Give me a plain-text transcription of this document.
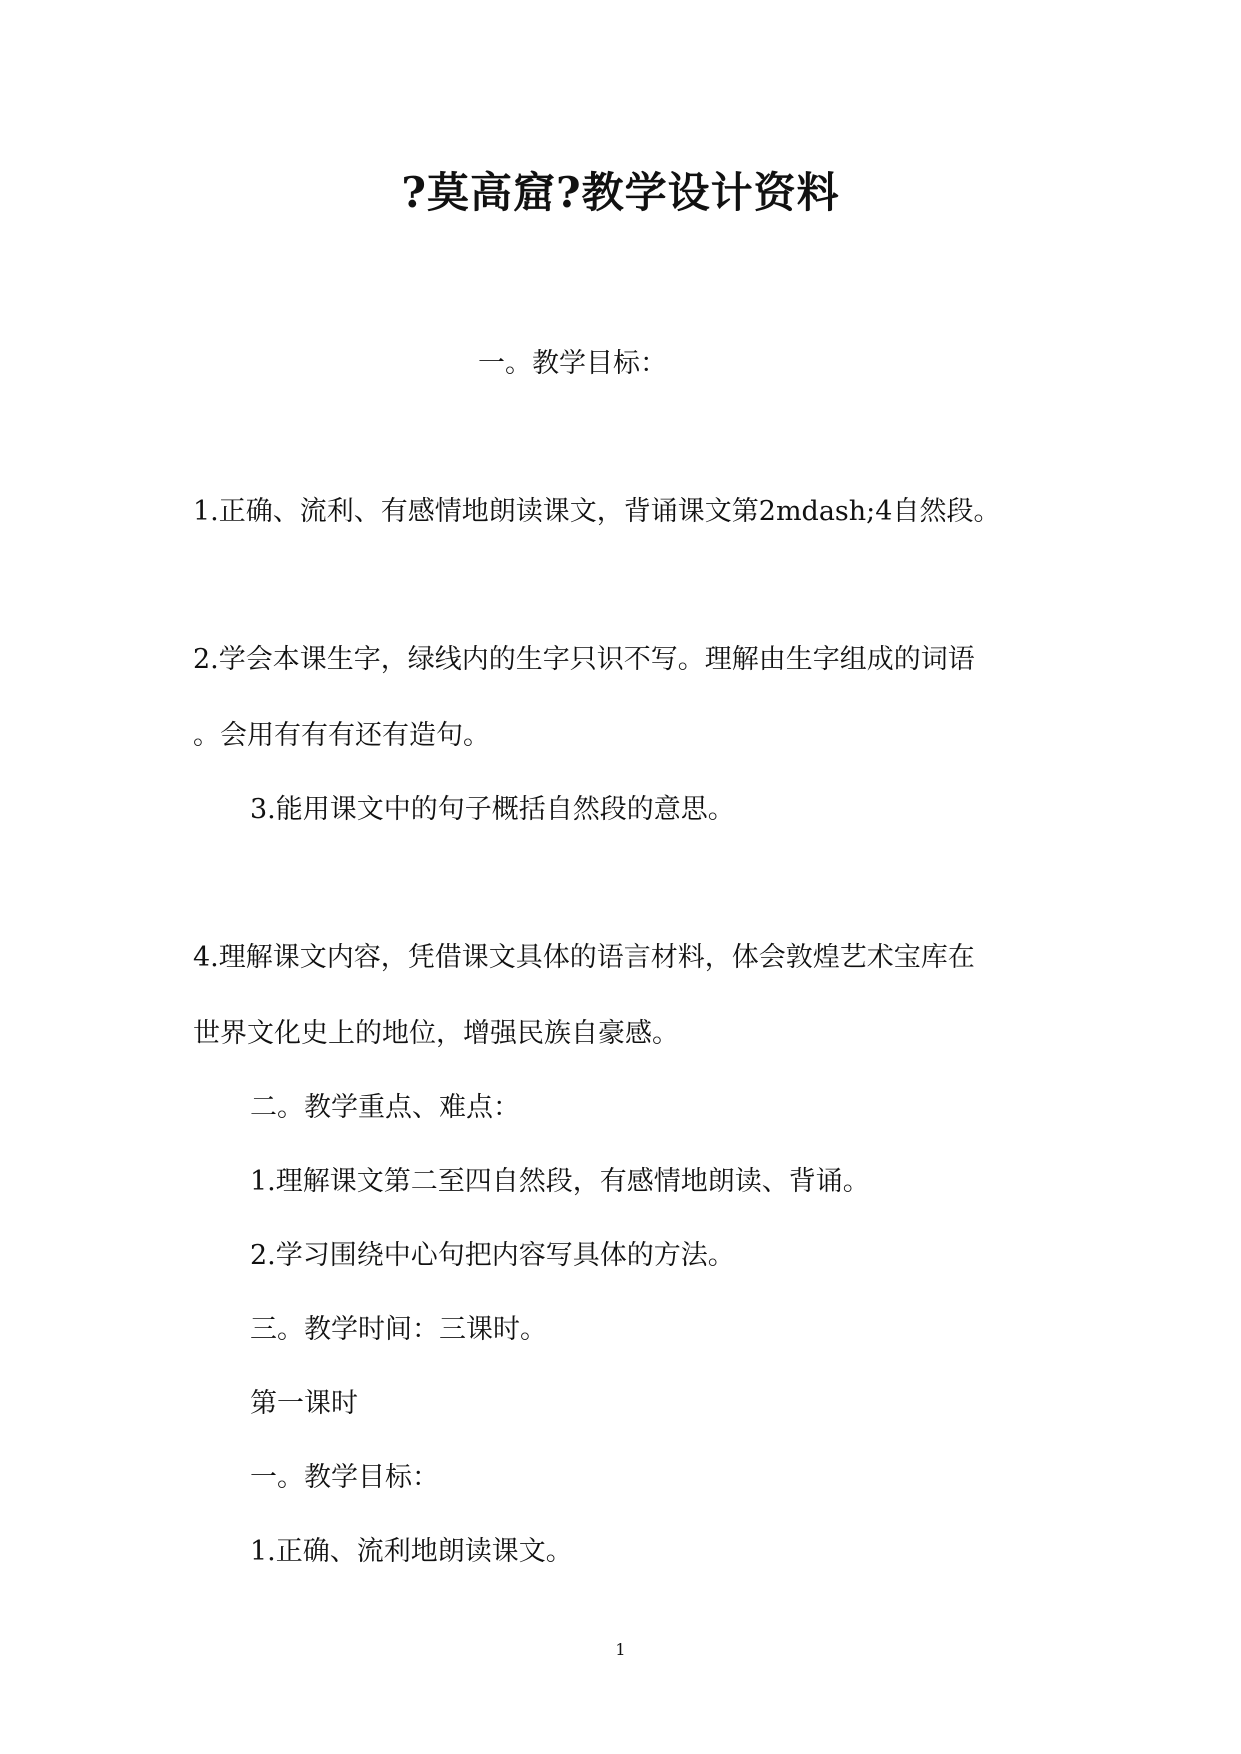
?莫高窟?教学设计资料
一。教学目标：
1.正确、流利、有感情地朗读课文，背诵课文第2mdash;4自然段。
2.学会本课生字，绿线内的生字只识不写。理解由生字组成的词语
。会用有有有还有造句。
3.能用课文中的句子概括自然段的意思。
4.理解课文内容，凭借课文具体的语言材料，体会敦煌艺术宝库在
世界文化史上的地位，增强民族自豪感。
二。教学重点、难点：
1.理解课文第二至四自然段，有感情地朗读、背诵。
2.学习围绕中心句把内容写具体的方法。
三。教学时间：三课时。
第一课时
一。教学目标：
1.正确、流利地朗读课文。
1
